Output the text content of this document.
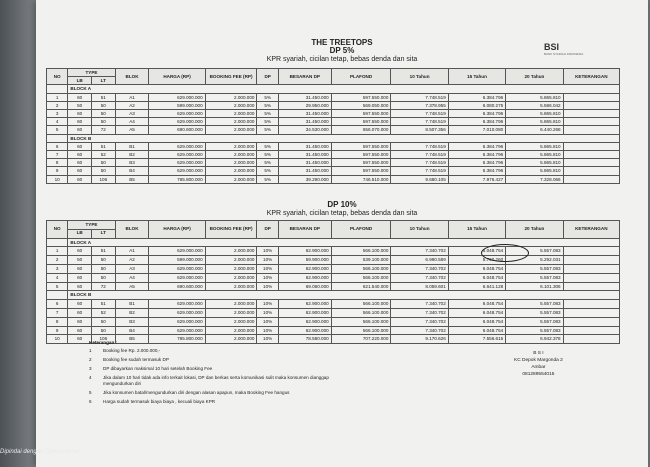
THE TREETOPS
DP 5%
KPR syariah, cicilan tetap, bebas denda dan sita
BSI
BANK SYARIAH INDONESIA
NO	TYPE		BLOK	HARGA (RP)	BOOKING FEE (RP)	DP	BESARAN DP	PLAFOND	10 Tahun	15 Tahun	20 Tahun	KETERANGAN
	LB	LT										
	BLOCK A											
1	60	51	A1	629.000.000	2.000.000	5%	31.450.000	597.550.000	7.748.519	6.384.796	5.865.810	
2	50	50	A2	599.000.000	2.000.000	5%	29.950.000	569.050.000	7.378.955	6.080.275	5.586.042	
3	60	50	A3	629.000.000	2.000.000	5%	31.450.000	597.550.000	7.748.519	6.384.796	5.865.810	
4	60	50	A4	629.000.000	2.000.000	5%	31.450.000	597.550.000	7.748.519	6.384.796	5.865.810	
5	60	72	A5	690.600.000	2.000.000	5%	34.530.000	656.070.000	8.507.356	7.010.080	6.440.268	
	BLOCK B											
6	60	51	B1	629.000.000	2.000.000	5%	31.450.000	597.550.000	7.748.519	6.384.796	5.865.810	
7	60	52	B2	629.000.000	2.000.000	5%	31.450.000	597.550.000	7.748.519	6.384.796	5.865.810	
8	60	50	B3	629.000.000	2.000.000	5%	31.450.000	597.550.000	7.748.519	6.384.796	5.865.810	
9	60	50	B4	629.000.000	2.000.000	5%	31.450.000	597.550.000	7.748.519	6.384.796	5.865.810	
10	60	106	B5	785.800.000	2.000.000	5%	39.290.000	746.510.000	9.680.105	7.976.427	7.328.066	
DP 10%
KPR syariah, cicilan tetap, bebas denda dan sita
NO	TYPE		BLOK	HARGA (RP)	BOOKING FEE (RP)	DP	BESARAN DP	PLAFOND	10 Tahun	15 Tahun	20 Tahun	KETERANGAN
	LB	LT										
	BLOCK A											
1	60	51	A1	629.000.000	2.000.000	10%	62.900.000	566.100.000	7.340.702	6.048.754	5.557.083	
2	50	50	A2	599.000.000	2.000.000	10%	59.900.000	539.100.000	6.990.589	5.760.260	5.292.031	
3	60	50	A3	629.000.000	2.000.000	10%	62.900.000	566.100.000	7.340.702	6.048.754	5.557.083	
4	60	50	A4	629.000.000	2.000.000	10%	62.900.000	566.100.000	7.340.702	6.048.754	5.557.083	
5	60	72	A5	690.600.000	2.000.000	10%	69.060.000	621.540.000	8.059.601	6.641.128	6.101.306	
	BLOCK B											
6	60	51	B1	629.000.000	2.000.000	10%	62.900.000	566.100.000	7.340.702	6.048.754	5.557.083	
7	60	52	B2	629.000.000	2.000.000	10%	62.900.000	566.100.000	7.340.702	6.048.754	5.557.083	
8	60	50	B3	629.000.000	2.000.000	10%	62.900.000	566.100.000	7.340.702	6.048.754	5.557.083	
9	60	50	B4	629.000.000	2.000.000	10%	62.900.000	566.100.000	7.340.702	6.048.754	5.557.083	
10	60	106	B5	785.800.000	2.000.000	10%	78.580.000	707.220.000	9.170.626	7.556.615	6.942.378	
Keterangan :
1	Booking fee Rp. 2.000.000,-
2	Booking fee sudah termasuk DP
3	DP dibayarkan maksimal 10 hari setelah Booking Fee
4	Jika dalam 10 hari tidak ada info terkait lokasi, DP dan berkas serta komunikasi sulit maka konsumen dianggap mengundurkan diri
5	Jika konsumen batal/mengundurkan diri dengan alasan apapun, maka Booking Fee hangus
6	Harga sudah termasuk biaya biaya , kecuali biaya KPR
B S I
KC Depok Margonda 2
Ambar
081289554015
Dipindai dengan CamScanner
